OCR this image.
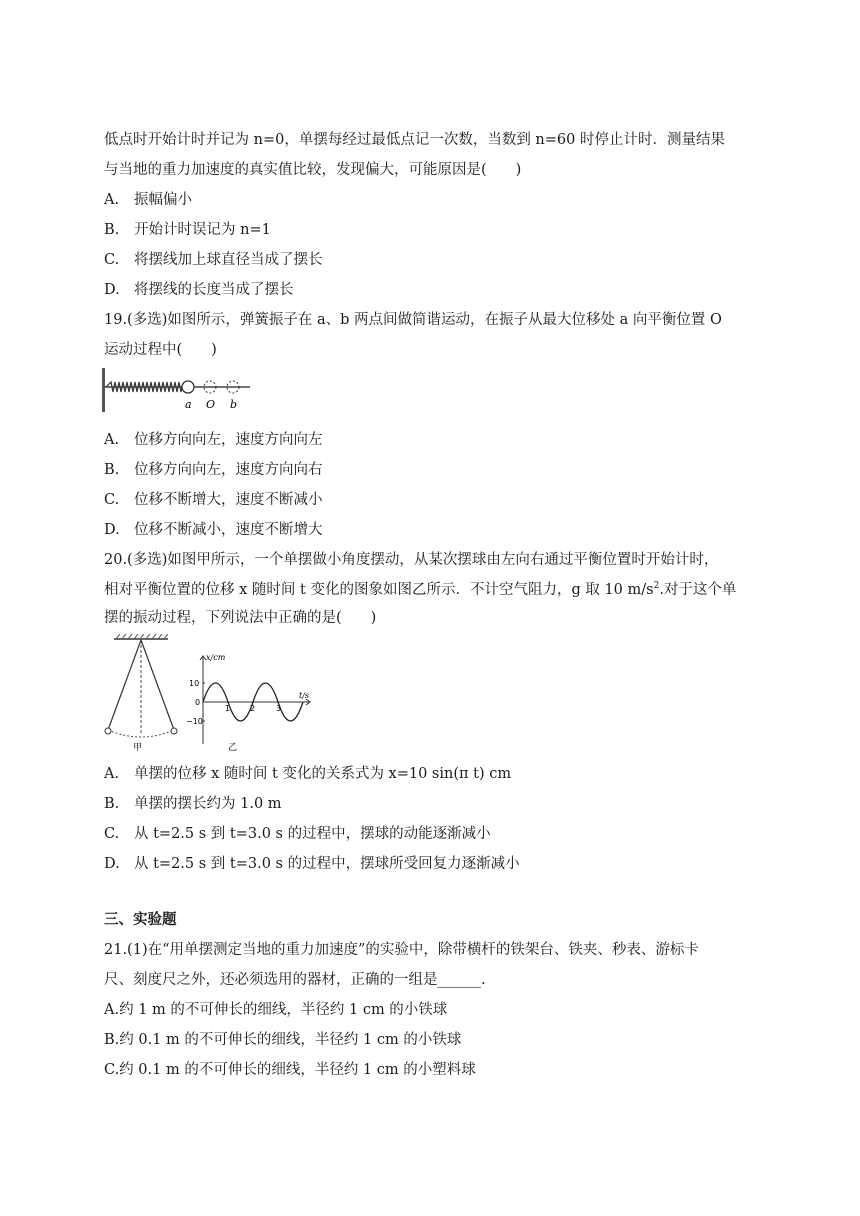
低点时开始计时并记为 n=0，单摆每经过最低点记一次数，当数到 n=60 时停止计时．测量结果
与当地的重力加速度的真实值比较，发现偏大，可能原因是(　　)
A. 振幅偏小
B. 开始计时误记为 n=1
C. 将摆线加上球直径当成了摆长
D. 将摆线的长度当成了摆长
19.(多选)如图所示，弹簧振子在 a、b 两点间做简谐运动，在振子从最大位移处 a 向平衡位置 O
运动过程中(　　)
a O b
A. 位移方向向左，速度方向向左
B. 位移方向向左，速度方向向右
C. 位移不断增大，速度不断减小
D. 位移不断减小，速度不断增大
20.(多选)如图甲所示，一个单摆做小角度摆动，从某次摆球由左向右通过平衡位置时开始计时，
相对平衡位置的位移 x 随时间 t 变化的图象如图乙所示．不计空气阻力，g 取 10 $m/s^2$.对于这个单
摆的振动过程，下列说法中正确的是(　　)
甲
x/cm
t/s
10
0
−10
1 2	3
乙
A. 单摆的位移 x 随时间 t 变化的关系式为 x=10 sin(π t) cm
B. 单摆的摆长约为 1.0 m
C. 从 t=2.5 s 到 t=3.0 s 的过程中，摆球的动能逐渐减小
D. 从 t=2.5 s 到 t=3.0 s 的过程中，摆球所受回复力逐渐减小
三、实验题
21.(1)在“用单摆测定当地的重力加速度”的实验中，除带横杆的铁架台、铁夹、秒表、游标卡
尺、刻度尺之外，还必须选用的器材，正确的一组是______.
A.约 1 m 的不可伸长的细线，半径约 1 cm 的小铁球
B.约 0.1 m 的不可伸长的细线，半径约 1 cm 的小铁球
C.约 0.1 m 的不可伸长的细线，半径约 1 cm 的小塑料球
